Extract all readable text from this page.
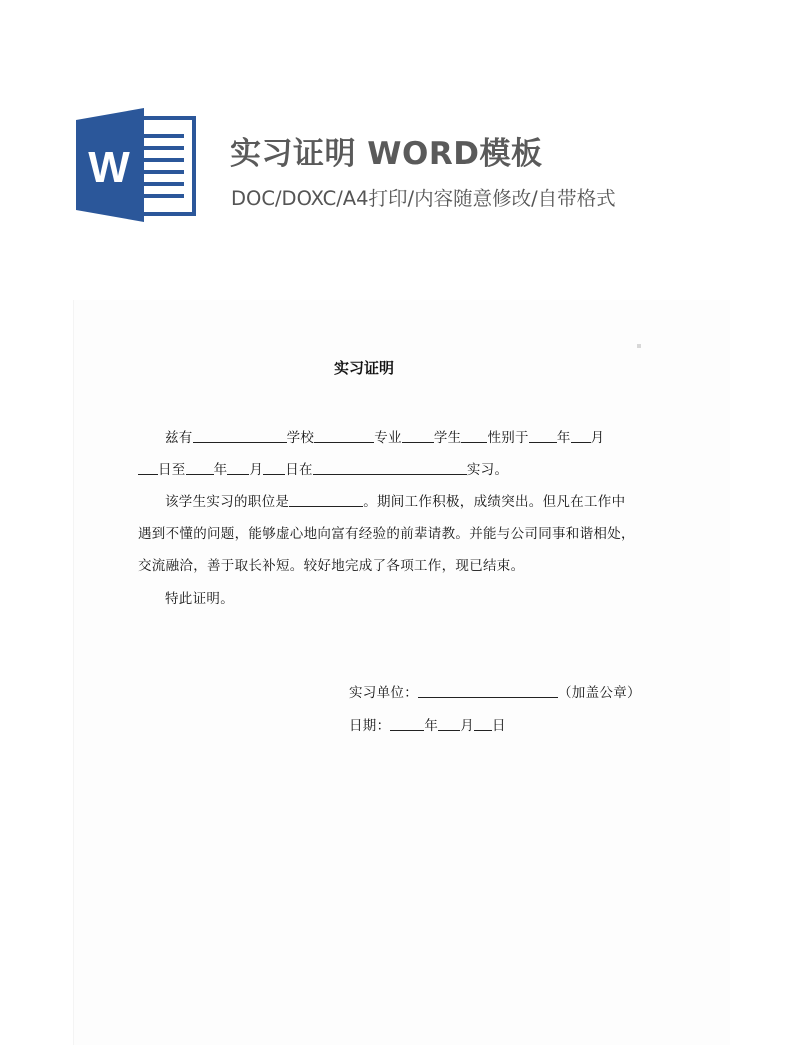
W	实习证明 WORD模板
DOC/DOXC/A4打印/内容随意修改/自带格式
实习证明
兹有	学校	专业 学生 性别于 年 月
日至 年 月 日在	实习。
该学生实习的职位是	。期间工作积极，成绩突出。但凡在工作中
遇到不懂的问题，能够虚心地向富有经验的前辈请教。并能与公司同事和谐相处，
交流融洽，善于取长补短。较好地完成了各项工作，现已结束。
特此证明。
实习单位：	（加盖公章）
日期：	年 月 日
